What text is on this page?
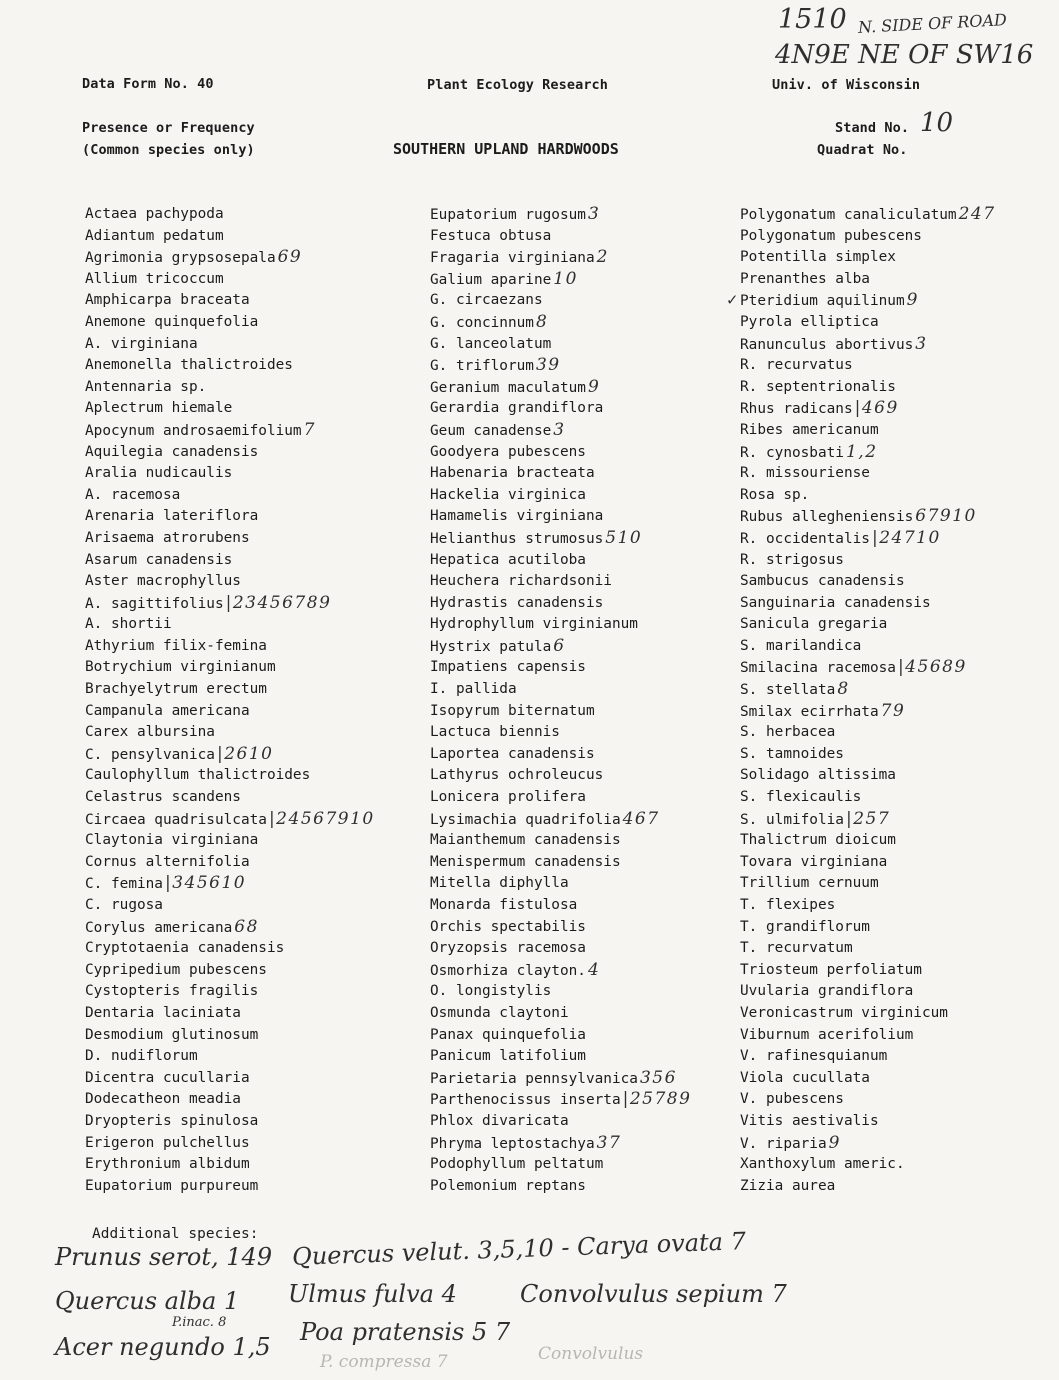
Data Form No. 40	Plant Ecology Research	Univ. of Wisconsin
Presence or Frequency
(Common species only)	SOUTHERN UPLAND HARDWOODS
Stand No. 10
Quadrat No.
1510 N. SIDE OF ROAD
4N9E NE OF SW16
Actaea pachypoda
Adiantum pedatum
Agrimonia grypsosepala 69
Allium tricoccum
Amphicarpa braceata
Anemone quinquefolia
A. virginiana
Anemonella thalictroides
Antennaria sp.
Aplectrum hiemale
Apocynum androsaemifolium 7
Aquilegia canadensis
Aralia nudicaulis
A. racemosa
Arenaria lateriflora
Arisaema atrorubens
Asarum canadensis
Aster macrophyllus
A. sagittifolius |23456789
A. shortii
Athyrium filix-femina
Botrychium virginianum
Brachyelytrum erectum
Campanula americana
Carex albursina
C. pensylvanica |2610
Caulophyllum thalictroides
Celastrus scandens
Circaea quadrisulcata |24567910
Claytonia virginiana
Cornus alternifolia
C. femina |345610
C. rugosa
Corylus americana 68
Cryptotaenia canadensis
Cypripedium pubescens
Cystopteris fragilis
Dentaria laciniata
Desmodium glutinosum
D. nudiflorum
Dicentra cucullaria
Dodecatheon meadia
Dryopteris spinulosa
Erigeron pulchellus
Erythronium albidum
Eupatorium purpureum
Eupatorium rugosum 3
Festuca obtusa
Fragaria virginiana 2
Galium aparine 10
G. circaezans
G. concinnum 8
G. lanceolatum
G. triflorum 39
Geranium maculatum 9
Gerardia grandiflora
Geum canadense 3
Goodyera pubescens
Habenaria bracteata
Hackelia virginica
Hamamelis virginiana
Helianthus strumosus 510
Hepatica acutiloba
Heuchera richardsonii
Hydrastis canadensis
Hydrophyllum virginianum
Hystrix patula 6
Impatiens capensis
I. pallida
Isopyrum biternatum
Lactuca biennis
Laportea canadensis
Lathyrus ochroleucus
Lonicera prolifera
Lysimachia quadrifolia 467
Maianthemum canadensis
Menispermum canadensis
Mitella diphylla
Monarda fistulosa
Orchis spectabilis
Oryzopsis racemosa
Osmorhiza clayton. 4
O. longistylis
Osmunda claytoni
Panax quinquefolia
Panicum latifolium
Parietaria pennsylvanica 356
Parthenocissus inserta |25789
Phlox divaricata
Phryma leptostachya 37
Podophyllum peltatum
Polemonium reptans
Polygonatum canaliculatum 247
Polygonatum pubescens
Potentilla simplex
Prenanthes alba
Pteridium aquilinum 9
Pyrola elliptica
Ranunculus abortivus 3
R. recurvatus
R. septentrionalis
Rhus radicans |469
Ribes americanum
R. cynosbati 1,2
R. missouriense
Rosa sp.
Rubus allegheniensis 67910
R. occidentalis |24710
R. strigosus
Sambucus canadensis
Sanguinaria canadensis
Sanicula gregaria
S. marilandica
Smilacina racemosa |45689
S. stellata 8
Smilax ecirrhata 79
S. herbacea
S. tamnoides
Solidago altissima
S. flexicaulis
S. ulmifolia |257
Thalictrum dioicum
Tovara virginiana
Trillium cernuum
T. flexipes
T. grandiflorum
T. recurvatum
Triosteum perfoliatum
Uvularia grandiflora
Veronicastrum virginicum
Viburnum acerifolium
V. rafinesquianum
Viola cucullata
V. pubescens
Vitis aestivalis
V. riparia 9
Xanthoxylum americ.
Zizia aurea
✓
Additional species:
Prunus serot, 149 Quercus velut. 3,5,10 - Carya ovata 7
Quercus alba 1 Ulmus fulva 4	Convolvulus sepium 7
Acer negundo 1,5
P.inac. 8	Poa pratensis 5 7
P. compressa 7	Convolvulus
